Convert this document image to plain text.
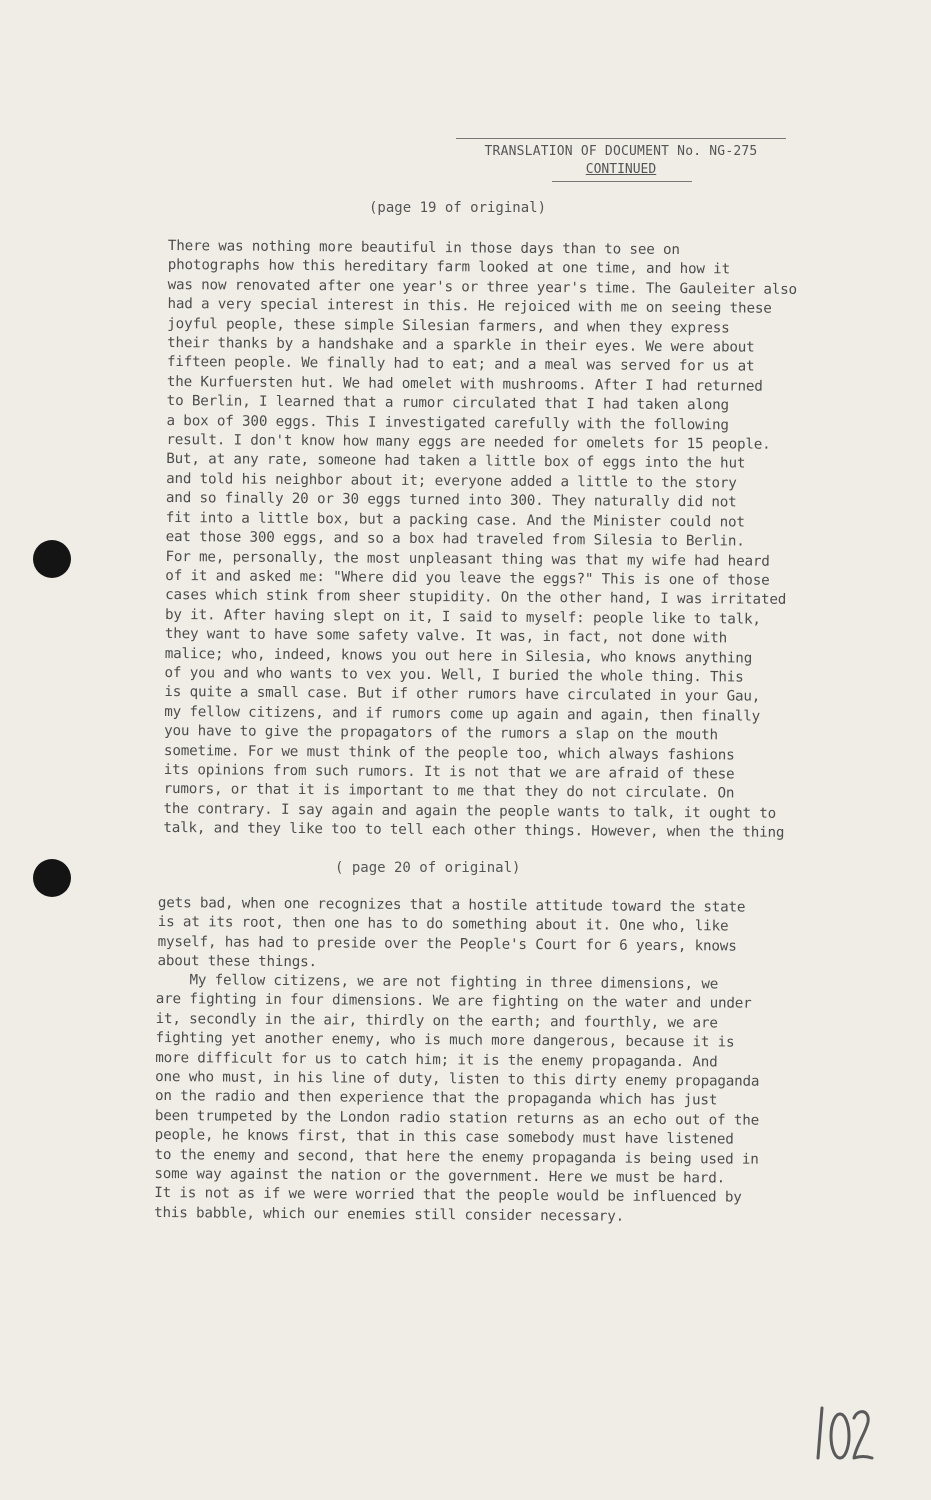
TRANSLATION OF DOCUMENT No. NG-275
CONTINUED
(page 19 of original)
There was nothing more beautiful in those days than to see on
photographs how this hereditary farm looked at one time, and how it
was now renovated after one year's or three year's time. The Gauleiter also
had a very special interest in this. He rejoiced with me on seeing these
joyful people, these simple Silesian farmers, and when they express
their thanks by a handshake and a sparkle in their eyes. We were about
fifteen people. We finally had to eat; and a meal was served for us at
the Kurfuersten hut. We had omelet with mushrooms. After I had returned
to Berlin, I learned that a rumor circulated that I had taken along
a box of 300 eggs. This I investigated carefully with the following
result. I don't know how many eggs are needed for omelets for 15 people.
But, at any rate, someone had taken a little box of eggs into the hut
and told his neighbor about it; everyone added a little to the story
and so finally 20 or 30 eggs turned into 300. They naturally did not
fit into a little box, but a packing case. And the Minister could not
eat those 300 eggs, and so a box had traveled from Silesia to Berlin.
For me, personally, the most unpleasant thing was that my wife had heard
of it and asked me: "Where did you leave the eggs?" This is one of those
cases which stink from sheer stupidity. On the other hand, I was irritated
by it. After having slept on it, I said to myself: people like to talk,
they want to have some safety valve. It was, in fact, not done with
malice; who, indeed, knows you out here in Silesia, who knows anything
of you and who wants to vex you. Well, I buried the whole thing. This
is quite a small case. But if other rumors have circulated in your Gau,
my fellow citizens, and if rumors come up again and again, then finally
you have to give the propagators of the rumors a slap on the mouth
sometime. For we must think of the people too, which always fashions
its opinions from such rumors. It is not that we are afraid of these
rumors, or that it is important to me that they do not circulate. On
the contrary. I say again and again the people wants to talk, it ought to
talk, and they like too to tell each other things. However, when the thing
( page 20 of original)
gets bad, when one recognizes that a hostile attitude toward the state
is at its root, then one has to do something about it. One who, like
myself, has had to preside over the People's Court for 6 years, knows
about these things.
My fellow citizens, we are not fighting in three dimensions, we
are fighting in four dimensions. We are fighting on the water and under
it, secondly in the air, thirdly on the earth; and fourthly, we are
fighting yet another enemy, who is much more dangerous, because it is
more difficult for us to catch him; it is the enemy propaganda. And
one who must, in his line of duty, listen to this dirty enemy propaganda
on the radio and then experience that the propaganda which has just
been trumpeted by the London radio station returns as an echo out of the
people, he knows first, that in this case somebody must have listened
to the enemy and second, that here the enemy propaganda is being used in
some way against the nation or the government. Here we must be hard.
It is not as if we were worried that the people would be influenced by
this babble, which our enemies still consider necessary.
